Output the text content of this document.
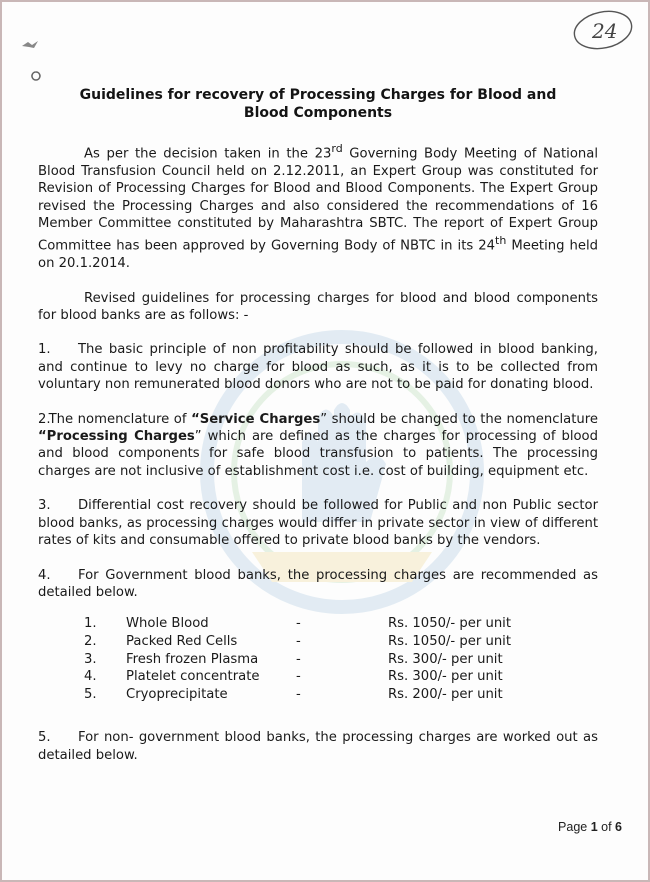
24
Guidelines for recovery of Processing Charges for Blood and
Blood Components

As per the decision taken in the 23rd Governing Body Meeting of National Blood Transfusion Council held on 2.12.2011, an Expert Group was constituted for Revision of Processing Charges for Blood and Blood Components. The Expert Group revised the Processing Charges and also considered the recommendations of 16 Member Committee constituted by Maharashtra SBTC. The report of Expert Group Committee has been approved by Governing Body of NBTC in its 24th Meeting held on 20.1.2014.

Revised guidelines for processing charges for blood and blood components for blood banks are as follows: -

1. The basic principle of non profitability should be followed in blood banking, and continue to levy no charge for blood as such, as it is to be collected from voluntary non remunerated blood donors who are not to be paid for donating blood.

2. The nomenclature of “Service Charges” should be changed to the nomenclature “Processing Charges” which are defined as the charges for processing of blood and blood components for safe blood transfusion to patients. The processing charges are not inclusive of establishment cost i.e. cost of building, equipment etc.

3. Differential cost recovery should be followed for Public and non Public sector blood banks, as processing charges would differ in private sector in view of different rates of kits and consumable offered to private blood banks by the vendors.

4. For Government blood banks, the processing charges are recommended as detailed below.

1.	Whole Blood	-	Rs. 1050/- per unit
2.	Packed Red Cells	-	Rs. 1050/- per unit
3.	Fresh frozen Plasma	-	Rs. 300/- per unit
4.	Platelet concentrate	-	Rs. 300/- per unit
5.	Cryoprecipitate	-	Rs. 200/- per unit

5. For non- government blood banks, the processing charges are worked out as detailed below.

Page 1 of 6
